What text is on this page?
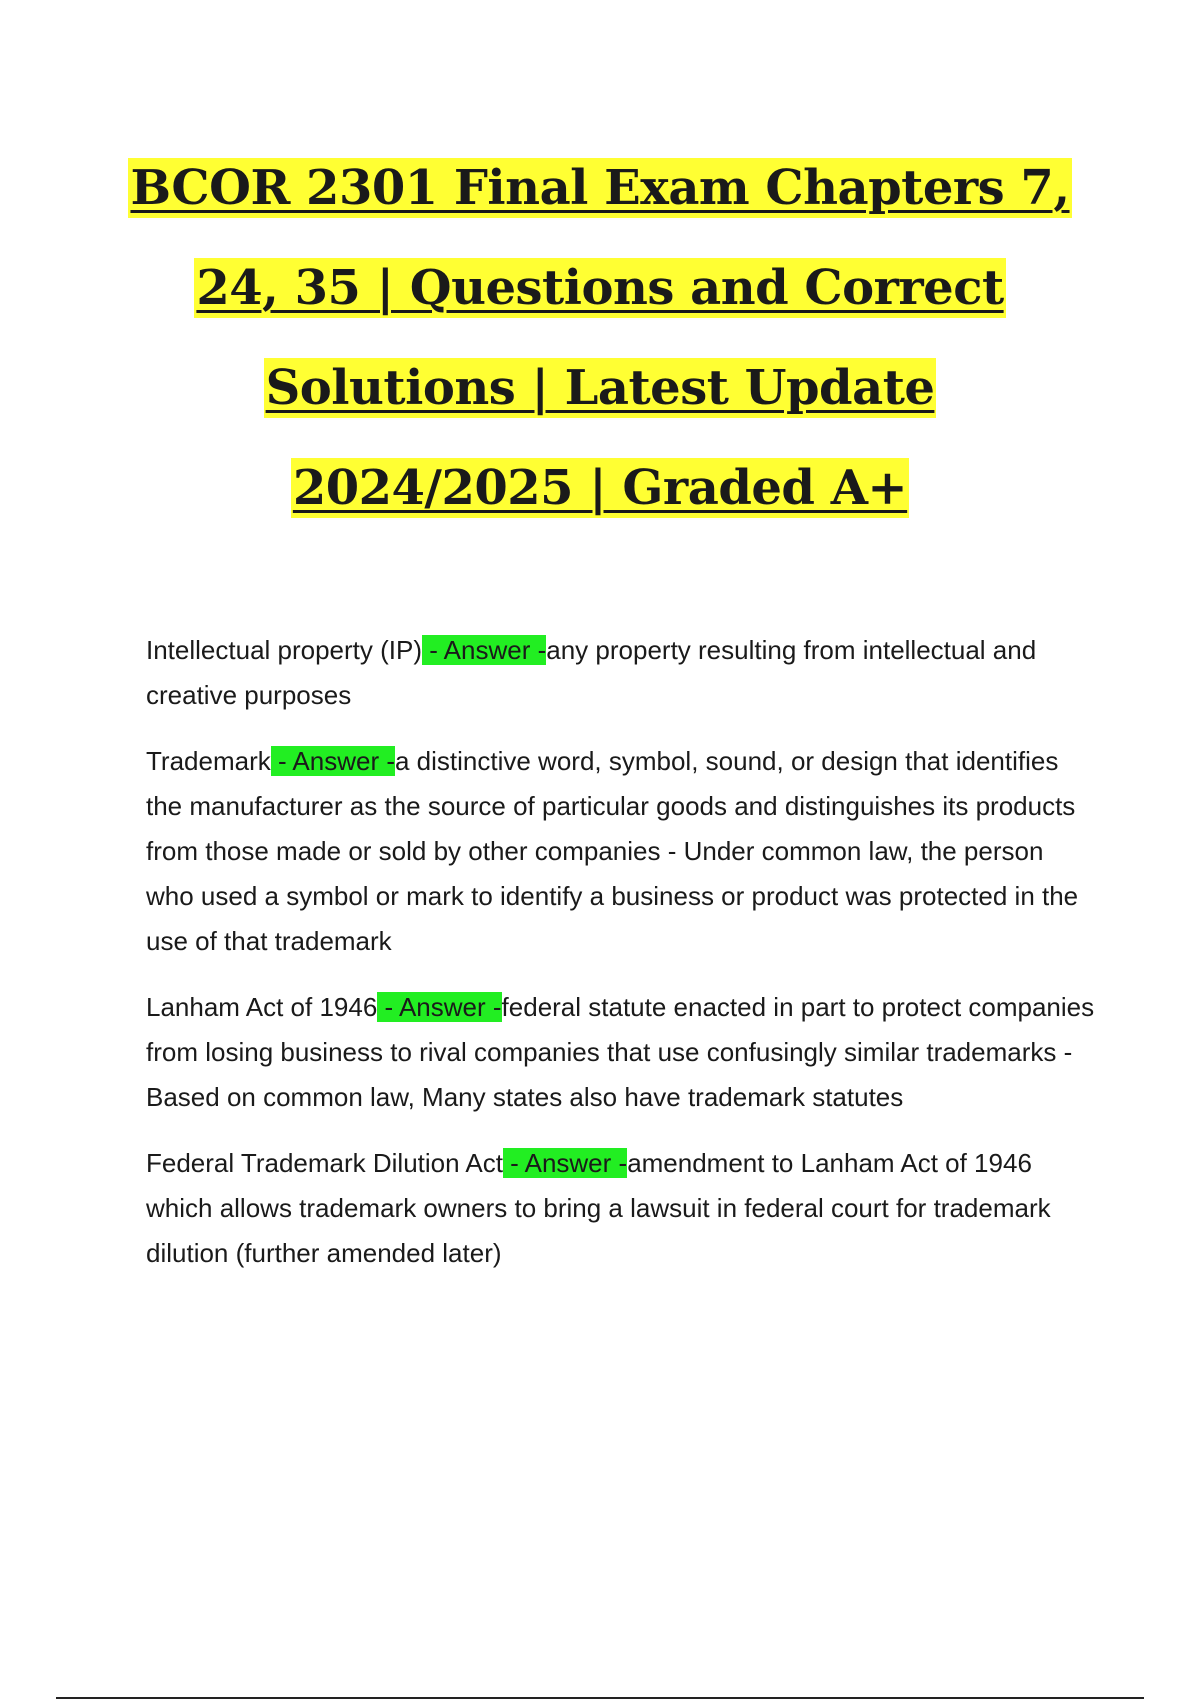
BCOR 2301 Final Exam Chapters 7,
24, 35 | Questions and Correct
Solutions | Latest Update
2024/2025 | Graded A+

Intellectual property (IP) - Answer -any property resulting from intellectual and creative purposes

Trademark - Answer -a distinctive word, symbol, sound, or design that identifies the manufacturer as the source of particular goods and distinguishes its products from those made or sold by other companies - Under common law, the person who used a symbol or mark to identify a business or product was protected in the use of that trademark

Lanham Act of 1946 - Answer -federal statute enacted in part to protect companies from losing business to rival companies that use confusingly similar trademarks - Based on common law, Many states also have trademark statutes

Federal Trademark Dilution Act - Answer -amendment to Lanham Act of 1946 which allows trademark owners to bring a lawsuit in federal court for trademark dilution (further amended later)
